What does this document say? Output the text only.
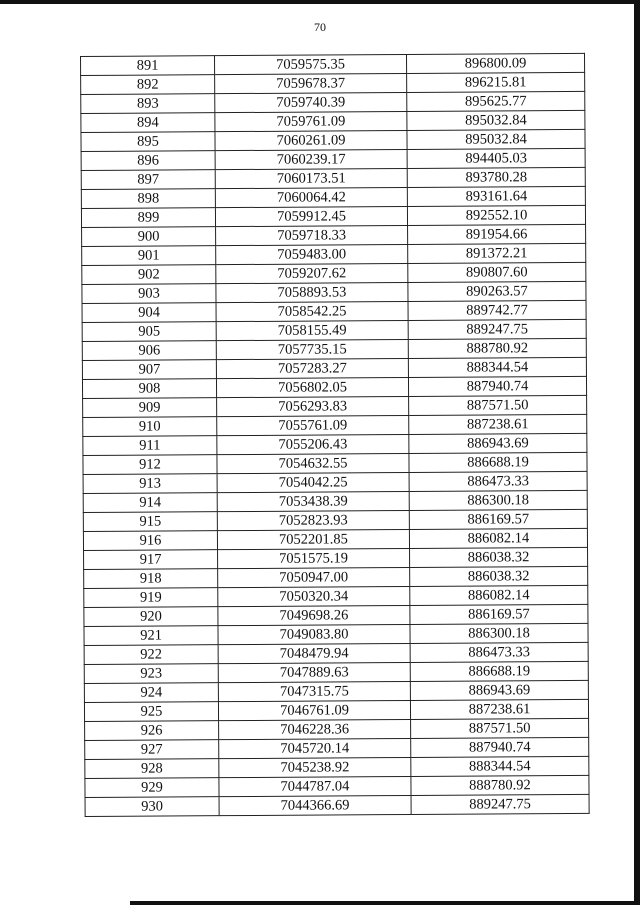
70
891	7059575.35	896800.09
892	7059678.37	896215.81
893	7059740.39	895625.77
894	7059761.09	895032.84
895	7060261.09	895032.84
896	7060239.17	894405.03
897	7060173.51	893780.28
898	7060064.42	893161.64
899	7059912.45	892552.10
900	7059718.33	891954.66
901	7059483.00	891372.21
902	7059207.62	890807.60
903	7058893.53	890263.57
904	7058542.25	889742.77
905	7058155.49	889247.75
906	7057735.15	888780.92
907	7057283.27	888344.54
908	7056802.05	887940.74
909	7056293.83	887571.50
910	7055761.09	887238.61
911	7055206.43	886943.69
912	7054632.55	886688.19
913	7054042.25	886473.33
914	7053438.39	886300.18
915	7052823.93	886169.57
916	7052201.85	886082.14
917	7051575.19	886038.32
918	7050947.00	886038.32
919	7050320.34	886082.14
920	7049698.26	886169.57
921	7049083.80	886300.18
922	7048479.94	886473.33
923	7047889.63	886688.19
924	7047315.75	886943.69
925	7046761.09	887238.61
926	7046228.36	887571.50
927	7045720.14	887940.74
928	7045238.92	888344.54
929	7044787.04	888780.92
930	7044366.69	889247.75
